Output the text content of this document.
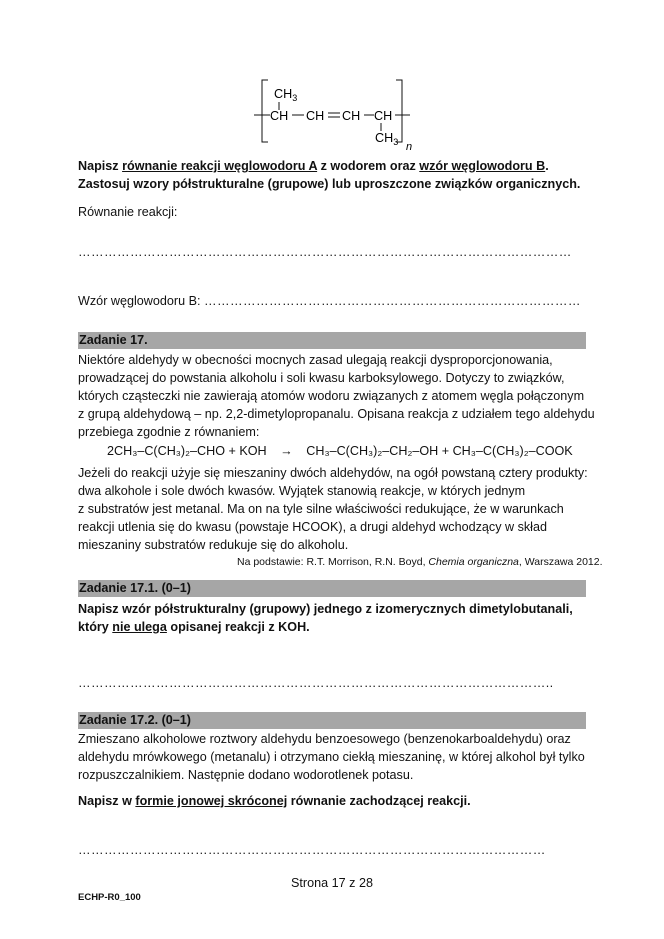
$CH_3$
CH CH CH CH
$CH_3$ n
Napisz równanie reakcji węglowodoru A z wodorem oraz wzór węglowodoru B.
Zastosuj wzory półstrukturalne (grupowe) lub uproszczone związków organicznych.
Równanie reakcji:
……………………………………………………………………………………………………
Wzór węglowodoru B: ……………………………………………………………………………
Zadanie 17.
Niektóre aldehydy w obecności mocnych zasad ulegają reakcji dysproporcjonowania,
prowadzącej do powstania alkoholu i soli kwasu karboksylowego. Dotyczy to związków,
których cząsteczki nie zawierają atomów wodoru związanych z atomem węgla połączonym
z grupą aldehydową – np. 2,2-dimetylopropanalu. Opisana reakcja z udziałem tego aldehydu
przebiega zgodnie z równaniem:
2CH₃–C(CH₃)₂–CHO + KOH → CH₃–C(CH₃)₂–CH₂–OH + CH₃–C(CH₃)₂–COOK
Jeżeli do reakcji użyje się mieszaniny dwóch aldehydów, na ogół powstaną cztery produkty:
dwa alkohole i sole dwóch kwasów. Wyjątek stanowią reakcje, w których jednym
z substratów jest metanal. Ma on na tyle silne właściwości redukujące, że w warunkach
reakcji utlenia się do kwasu (powstaje HCOOK), a drugi aldehyd wchodzący w skład
mieszaniny substratów redukuje się do alkoholu.
Na podstawie: R.T. Morrison, R.N. Boyd, Chemia organiczna, Warszawa 2012.
Zadanie 17.1. (0–1)
Napisz wzór półstrukturalny (grupowy) jednego z izomerycznych dimetylobutanali,
który nie ulega opisanej reakcji z KOH.
………………………………………………………………………………………………..
Zadanie 17.2. (0–1)
Zmieszano alkoholowe roztwory aldehydu benzoesowego (benzenokarboaldehydu) oraz
aldehydu mrówkowego (metanalu) i otrzymano ciekłą mieszaninę, w której alkohol był tylko
rozpuszczalnikiem. Następnie dodano wodorotlenek potasu.
Napisz w formie jonowej skróconej równanie zachodzącej reakcji.
………………………………………………………………………………………………
Strona 17 z 28
ECHP-R0_100
